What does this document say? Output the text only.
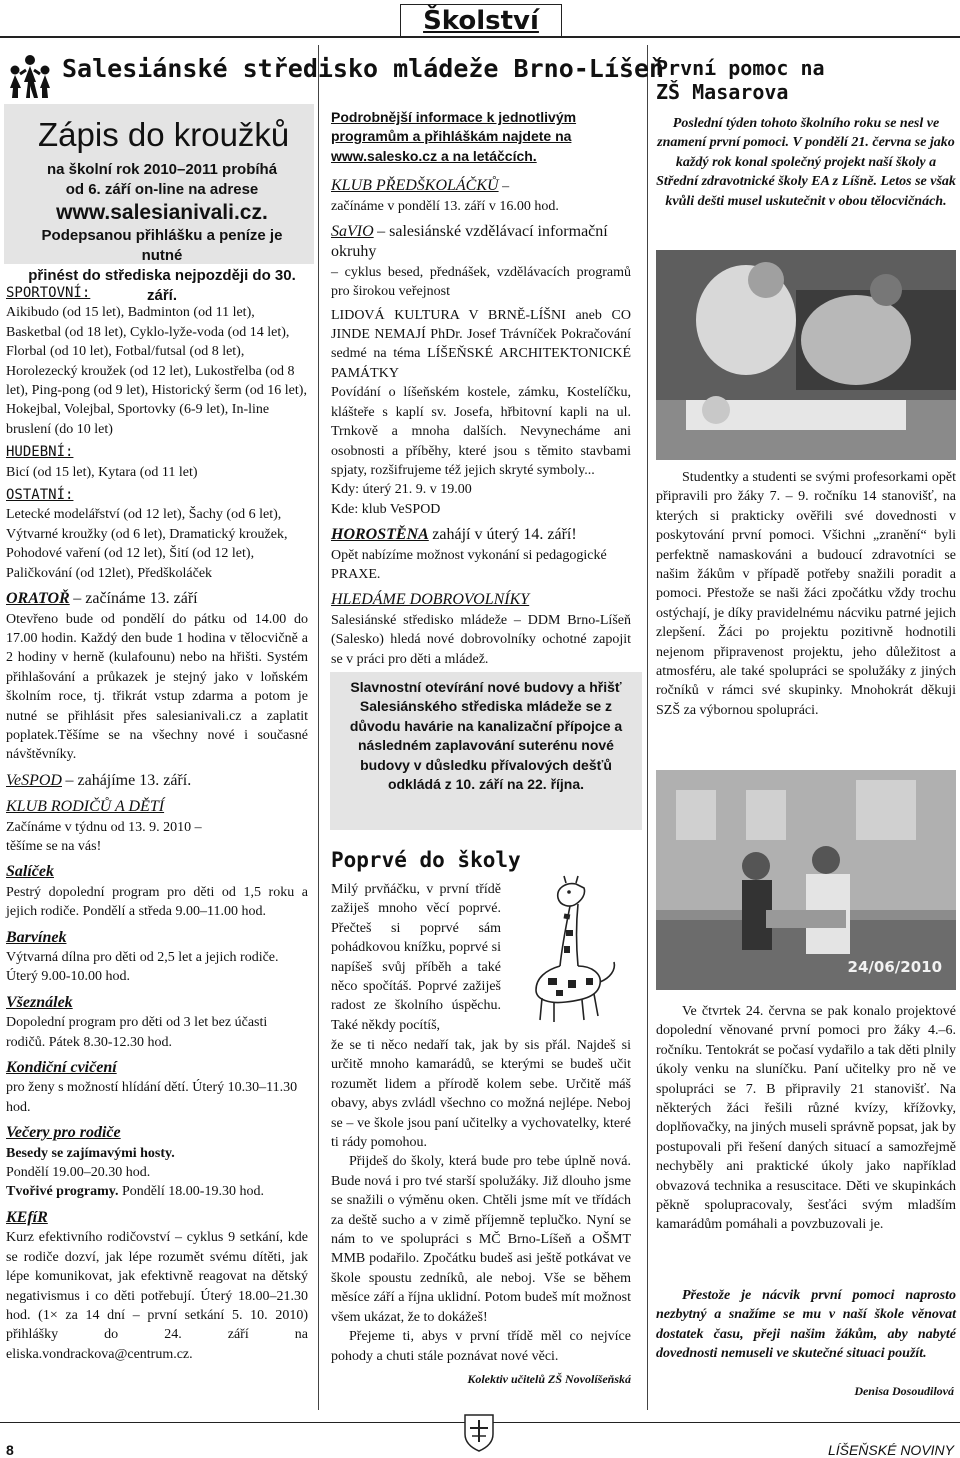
Školství
Salesiánské středisko mládeže Brno-Líšeň
Zápis do kroužků
na školní rok 2010–2011 probíhá
od 6. září on-line na adrese
www.salesianivali.cz.
Podepsanou přihlášku a peníze je nutné
přinést do střediska nejpozději do 30. září.

SPORTOVNÍ:

Aikibudo (od 15 let), Badminton (od 11 let), Basketbal (od 18 let), Cyklo-lyže-voda (od 14 let), Florbal (od 10 let), Fotbal/futsal (od 8 let), Horolezecký kroužek (od 12 let), Lukostřelba (od 8 let), Ping-pong (od 9 let), Historický šerm (od 16 let), Hokejbal, Volejbal, Sportovky (6-9 let), In-line bruslení (do 10 let)

HUDEBNÍ:

Bicí (od 15 let), Kytara (od 11 let)

OSTATNÍ:

Letecké modelářství (od 12 let), Šachy (od 6 let), Výtvarné kroužky (od 6 let), Dramatický kroužek, Pohodové vaření (od 12 let), Šití (od 12 let), Paličkování (od 12let), Předškoláček

ORATOŘ – začínáme 13. září

Otevřeno bude od pondělí do pátku od 14.00 do 17.00 hodin. Každý den bude 1 hodina v tělocvičně a 2 hodiny v herně (kulafounu) nebo na hřišti. Systém přihlašování a průkazek je stejný jako v loňském školním roce, tj. třikrát vstup zdarma a potom je nutné se přihlásit přes salesianivali.cz a zaplatit poplatek.Těšíme se na všechny nové i současné návštěvníky.

VeSPOD – zahájíme 13. září.

KLUB RODIČŮ A DĚTÍ

Začínáme v týdnu od 13. 9. 2010 –

těšíme se na vás!

Salíček

Pestrý dopolední program pro děti od 1,5 roku a jejich rodiče. Pondělí a středa 9.00–11.00 hod.

Barvínek

Výtvarná dílna pro děti od 2,5 let a jejich rodiče. Úterý 9.00-10.00 hod.

Všeználek

Dopolední program pro děti od 3 let bez účasti rodičů. Pátek 8.30-12.30 hod.

Kondiční cvičení

pro ženy s možností hlídání dětí. Úterý 10.30–11.30 hod.

Večery pro rodiče

Besedy se zajímavými hosty.

Pondělí 19.00–20.30 hod.

Tvořivé programy. Pondělí 18.00-19.30 hod.

KEfíR

Kurz efektivního rodičovství – cyklus 9 setkání, kde se rodiče dozví, jak lépe rozumět svému dítěti, jak lépe komunikovat, jak efektivně reagovat na dětský negativismus i co děti potřebují. Úterý 18.00–21.30 hod. (1× za 14 dní – první setkání 5. 10. 2010) přihlášky do 24. září na eliska.vondrackova@centrum.cz.

Podrobnější informace k jednotlivým programům a přihláškám najdete na www.salesko.cz a na letáčcích.

KLUB PŘEDŠKOLÁČKŮ –

začínáme v pondělí 13. září v 16.00 hod.

SaVIO – salesiánské vzdělávací informační okruhy

– cyklus besed, přednášek, vzdělávacích programů pro širokou veřejnost

LIDOVÁ KULTURA V BRNĚ-LÍŠNI aneb CO JINDE NEMAJÍ PhDr. Josef Trávníček Pokračování sedmé na téma LÍŠEŇSKÉ ARCHITEKTONICKÉ PAMÁTKY

Povídání o líšeňském kostele, zámku, Kostelíčku, klášteře s kaplí sv. Josefa, hřbitovní kapli na ul. Trnkově a mnoha dalších. Nevynecháme ani osobnosti a příběhy, které jsou s těmito stavbami spjaty, rozšifrujeme též jejich skryté symboly...

Kdy: úterý 21. 9. v 19.00

Kde: klub VeSPOD

HOROSTĚNA zahájí v úterý 14. září!

Opět nabízíme možnost vykonání si pedagogické PRAXE.

HLEDÁME DOBROVOLNÍKY

Salesiánské středisko mládeže – DDM Brno-Líšeň (Salesko) hledá nové dobrovolníky ochotné zapojit se v práci pro děti a mládež.

Slavnostní otevírání nové budovy a hřišť Salesiánského střediska mládeže se z důvodu havárie na kanalizační přípojce a následném zaplavování suterénu nové budovy v důsledku přívalových dešťů odkládá z 10. září na 22. října.
Poprvé do školy
Milý prvňáčku, v první třídě zažiješ mnoho věcí poprvé. Přečteš si poprvé sám pohádkovou knížku, poprvé si napíšeš svůj příběh a také něco spočítáš. Poprvé zažiješ radost ze školního úspěchu. Také někdy pocítíš,

že se ti něco nedaří tak, jak by sis přál. Najdeš si určitě mnoho kamarádů, se kterými se budeš učit rozumět lidem a přírodě kolem sebe. Určitě máš obavy, abys zvládl všechno co možná nejlépe. Neboj se – ve škole jsou paní učitelky a vychovatelky, které ti rády pomohou.

Přijdeš do školy, která bude pro tebe úplně nová. Bude nová i pro tvé starší spolužáky. Již dlouho jsme se snažili o výměnu oken. Chtěli jsme mít ve třídách za deště sucho a v zimě příjemně teplučko. Nyní se nám to ve spolupráci s MČ Brno-Líšeň a OŠMT MMB podařilo. Zpočátku budeš asi ještě potkávat ve škole spoustu zedníků, ale neboj. Vše se během měsíce září a října uklidní. Potom budeš mít možnost všem ukázat, že to dokážeš!

Přejeme ti, abys v první třídě měl co nejvíce pohody a chuti stále poznávat nové věci.

Kolektiv učitelů ZŠ Novolíšeňská

První pomoc na ZŠ Masarova
Poslední týden tohoto školního roku se nesl ve znamení první pomoci. V pondělí 21. června se jako každý rok konal společný projekt naší školy a Střední zdravotnické školy EA z Líšně. Letos se však kvůli dešti musel uskutečnit v obou tělocvičnách.
Studentky a studenti se svými profesorkami opět připravili pro žáky 7. – 9. ročníku 14 stanovišť, na kterých si prakticky ověřili své dovednosti v poskytování první pomoci. Všichni „zranění“ byli perfektně namaskováni a budoucí zdravotníci se našim žákům v případě potřeby snažili poradit a pomoci. Přestože se naši žáci zpočátku vždy trochu ostýchají, je díky pravidelnému nácviku patrné jejich zlepšení. Žáci po projektu pozitivně hodnotili nejenom připravenost projektu, jeho důležitost a atmosféru, ale také spolupráci se spolužáky z jiných ročníků v rámci své skupinky. Mnohokrát děkuji SZŠ za výbornou spolupráci.
24/06/2010
Ve čtvrtek 24. června se pak konalo projektové dopolední věnované první pomoci pro žáky 4.–6. ročníku. Tentokrát se počasí vydařilo a tak děti plnily úkoly venku na sluníčku. Paní učitelky pro ně ve spolupráci se 7. B připravily 21 stanovišť. Na některých žáci řešili různé kvízy, křížovky, doplňovačky, na jiných museli správně popsat, jak by postupovali při řešení daných situací a samozřejmě nechyběly ani praktické úkoly jako například obvazová technika a resuscitace. Děti ve skupinkách pěkně spolupracovaly, šesťáci svým mladším kamarádům pomáhali a povzbuzovali je.
Přestože je nácvik první pomoci naprosto nezbytný a snažíme se mu v naší škole věnovat dostatek času, přeji našim žákům, aby nabyté dovednosti nemuseli ve skutečné situaci použít.
Denisa Dosoudilová
8	LÍŠEŇSKÉ NOVINY
